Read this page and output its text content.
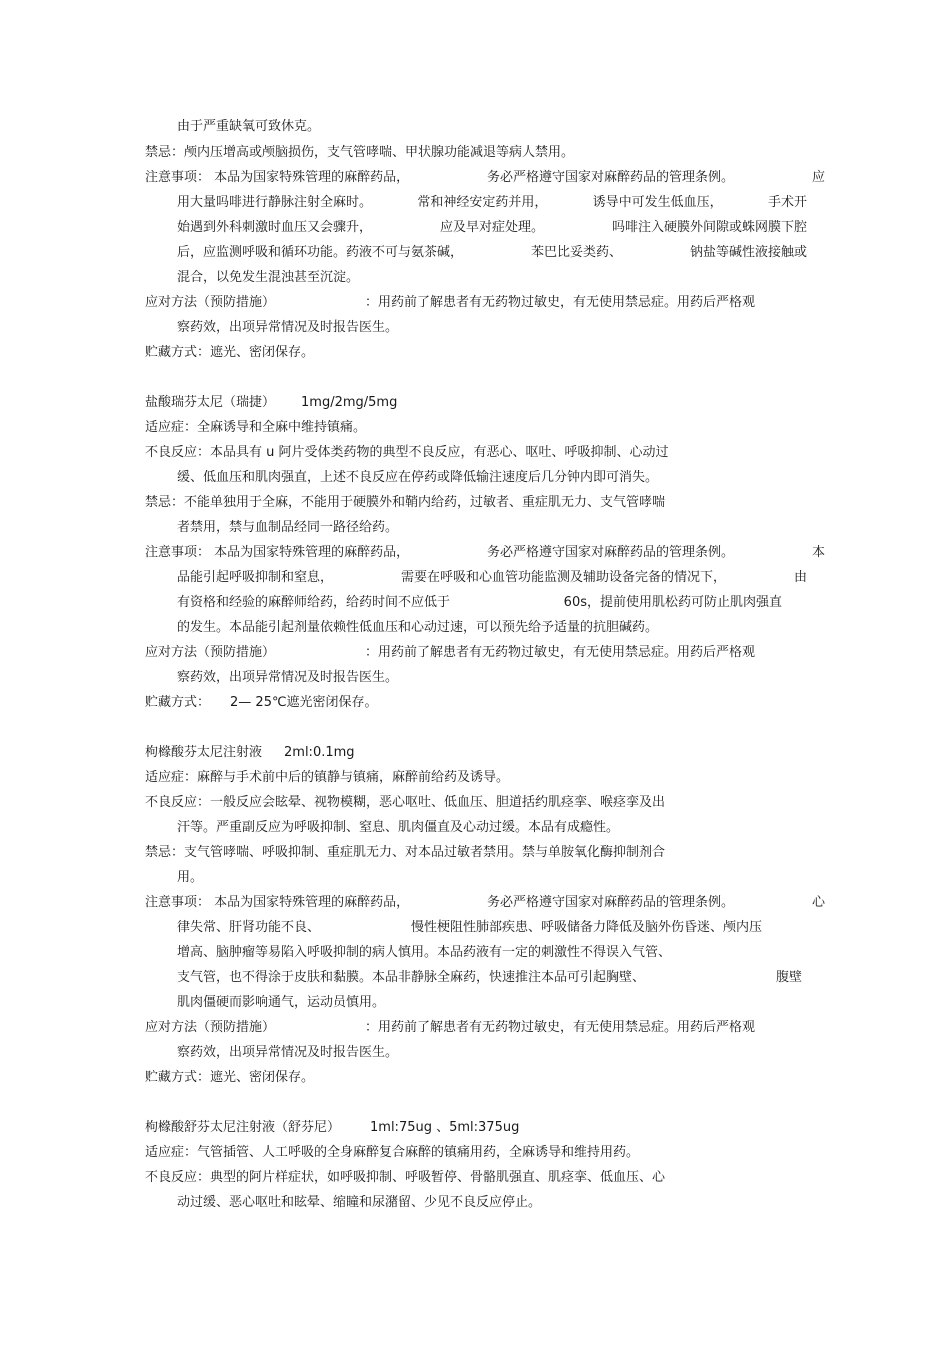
由于严重缺氧可致休克。
禁忌：颅内压增高或颅脑损伤，支气管哮喘、甲状腺功能减退等病人禁用。
注意事项： 本品为国家特殊管理的麻醉药品，	务必严格遵守国家对麻醉药品的管理条例。	应
用大量吗啡进行静脉注射全麻时。	常和神经安定药并用，	诱导中可发生低血压，	手术开
始遇到外科刺激时血压又会骤升，	应及早对症处理。	吗啡注入硬膜外间隙或蛛网膜下腔
后，应监测呼吸和循环功能。药液不可与氨茶碱，	苯巴比妥类药、	钠盐等碱性液接触或
混合，以免发生混浊甚至沉淀。
应对方法（预防措施）	：用药前了解患者有无药物过敏史，有无使用禁忌症。用药后严格观
察药效，出项异常情况及时报告医生。
贮藏方式：遮光、密闭保存。
盐酸瑞芬太尼（瑞捷） 1mg/2mg/5mg
适应症：全麻诱导和全麻中维持镇痛。
不良反应：本品具有 u 阿片受体类药物的典型不良反应，有恶心、呕吐、呼吸抑制、心动过
缓、低血压和肌肉强直，上述不良反应在停药或降低输注速度后几分钟内即可消失。
禁忌：不能单独用于全麻，不能用于硬膜外和鞘内给药，过敏者、重症肌无力、支气管哮喘
者禁用，禁与血制品经同一路径给药。
注意事项： 本品为国家特殊管理的麻醉药品，	务必严格遵守国家对麻醉药品的管理条例。	本
品能引起呼吸抑制和窒息，	需要在呼吸和心血管功能监测及辅助设备完备的情况下，	由
有资格和经验的麻醉师给药，给药时间不应低于	60s，提前使用肌松药可防止肌肉强直
的发生。本品能引起剂量依赖性低血压和心动过速，可以预先给予适量的抗胆碱药。
应对方法（预防措施）	：用药前了解患者有无药物过敏史，有无使用禁忌症。用药后严格观
察药效，出项异常情况及时报告医生。
贮藏方式： 2— 25℃遮光密闭保存。
枸橼酸芬太尼注射液 2ml:0.1mg
适应症：麻醉与手术前中后的镇静与镇痛，麻醉前给药及诱导。
不良反应：一般反应会眩晕、视物模糊，恶心呕吐、低血压、胆道括约肌痉挛、喉痉挛及出
汗等。严重副反应为呼吸抑制、窒息、肌肉僵直及心动过缓。本品有成瘾性。
禁忌：支气管哮喘、呼吸抑制、重症肌无力、对本品过敏者禁用。禁与单胺氧化酶抑制剂合
用。
注意事项： 本品为国家特殊管理的麻醉药品，	务必严格遵守国家对麻醉药品的管理条例。	心
律失常、肝肾功能不良、	慢性梗阻性肺部疾患、呼吸储备力降低及脑外伤昏迷、颅内压
增高、脑肿瘤等易陷入呼吸抑制的病人慎用。本品药液有一定的刺激性不得误入气管、
支气管，也不得涂于皮肤和黏膜。本品非静脉全麻药，快速推注本品可引起胸壁、	腹壁
肌肉僵硬而影响通气，运动员慎用。
应对方法（预防措施）	：用药前了解患者有无药物过敏史，有无使用禁忌症。用药后严格观
察药效，出项异常情况及时报告医生。
贮藏方式：遮光、密闭保存。
枸橼酸舒芬太尼注射液（舒芬尼） 1ml:75ug 、5ml:375ug
适应症：气管插管、人工呼吸的全身麻醉复合麻醉的镇痛用药，全麻诱导和维持用药。
不良反应：典型的阿片样症状，如呼吸抑制、呼吸暂停、骨骼肌强直、肌痉挛、低血压、心
动过缓、恶心呕吐和眩晕、缩瞳和尿潴留、少见不良反应停止。
